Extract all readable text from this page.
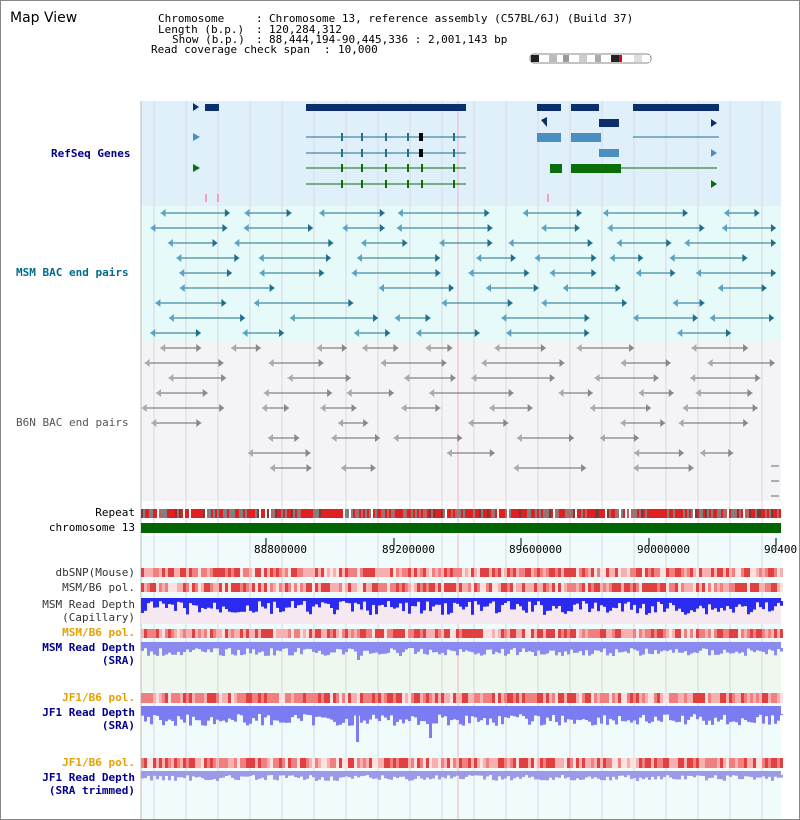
Map View	Chromosome	: Chromosome 13, reference assembly (C57BL/6J) (Build 37)
Length (b.p.) : 120,284,312
Show (b.p.) : 88,444,194-90,445,336 : 2,001,143 bp
Read coverage check span : 10,000
RefSeq Genes
MSM BAC end pairs
B6N BAC end pairs
Repeat
chromosome 13
dbSNP(Mouse)
MSM/B6 pol.
MSM Read Depth
(Capillary)
MSM/B6 pol.
MSM Read Depth
(SRA)
JF1/B6 pol.
JF1 Read Depth
(SRA)
JF1/B6 pol.
JF1 Read Depth
(SRA trimmed)
88800000	89200000	89600000	90000000	90400
